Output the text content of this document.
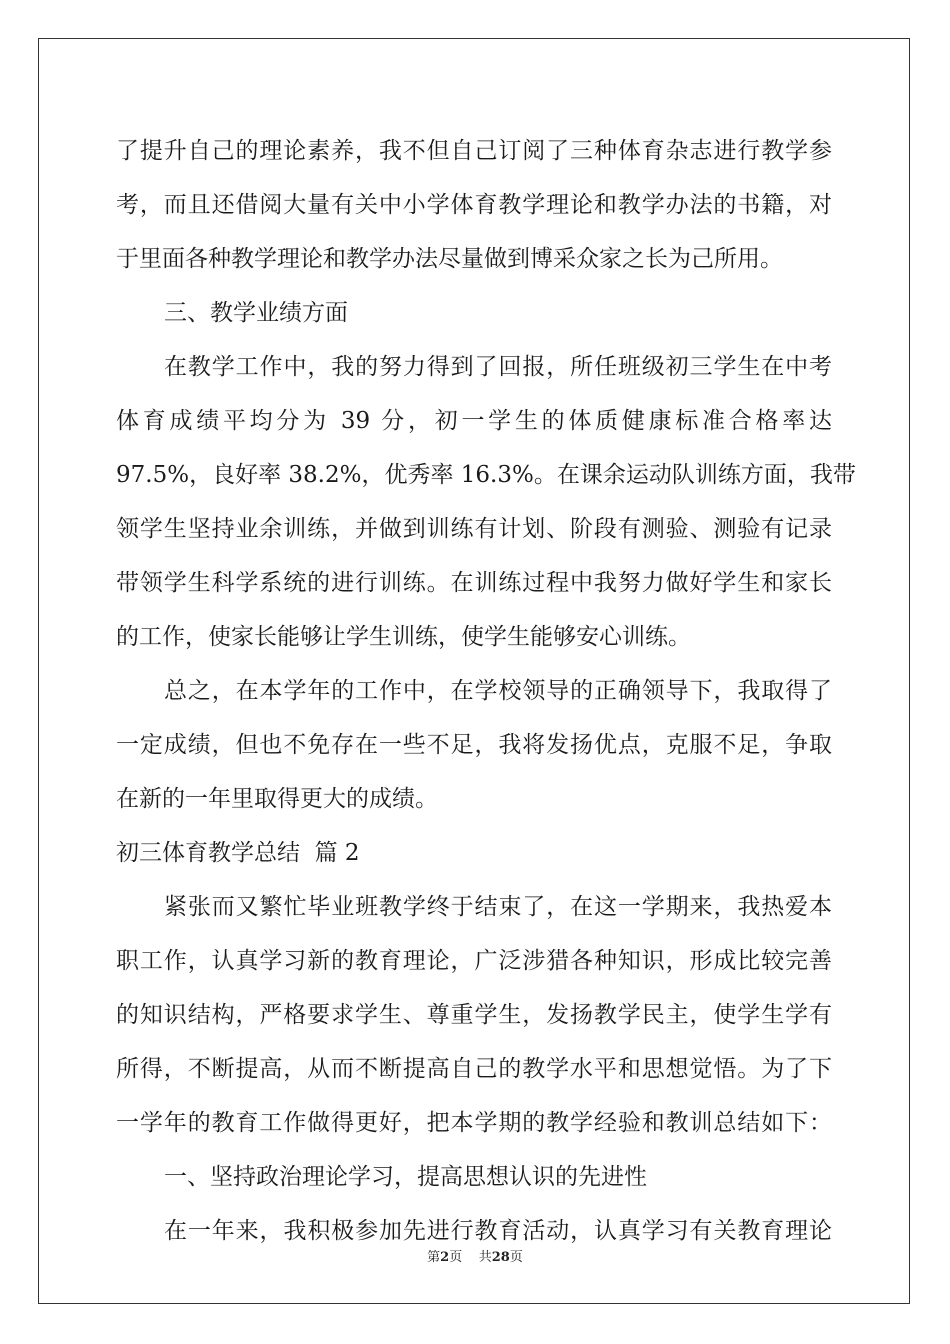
了提升自己的理论素养，我不但自己订阅了三种体育杂志进行教学参
考，而且还借阅大量有关中小学体育教学理论和教学办法的书籍，对
于里面各种教学理论和教学办法尽量做到博采众家之长为己所用。
三、教学业绩方面
在教学工作中，我的努力得到了回报，所任班级初三学生在中考
体育成绩平均分为 39 分，初一学生的体质健康标准合格率达
97.5%，良好率 38.2%，优秀率 16.3%。在课余运动队训练方面，我带
领学生坚持业余训练，并做到训练有计划、阶段有测验、测验有记录
带领学生科学系统的进行训练。在训练过程中我努力做好学生和家长
的工作，使家长能够让学生训练，使学生能够安心训练。
总之，在本学年的工作中，在学校领导的正确领导下，我取得了
一定成绩，但也不免存在一些不足，我将发扬优点，克服不足，争取
在新的一年里取得更大的成绩。
初三体育教学总结  篇 2
紧张而又繁忙毕业班教学终于结束了，在这一学期来，我热爱本
职工作，认真学习新的教育理论，广泛涉猎各种知识，形成比较完善
的知识结构，严格要求学生、尊重学生，发扬教学民主，使学生学有
所得，不断提高，从而不断提高自己的教学水平和思想觉悟。为了下
一学年的教育工作做得更好，把本学期的教学经验和教训总结如下：
一、坚持政治理论学习，提高思想认识的先进性
在一年来，我积极参加先进行教育活动，认真学习有关教育理论
第2页    共28页
